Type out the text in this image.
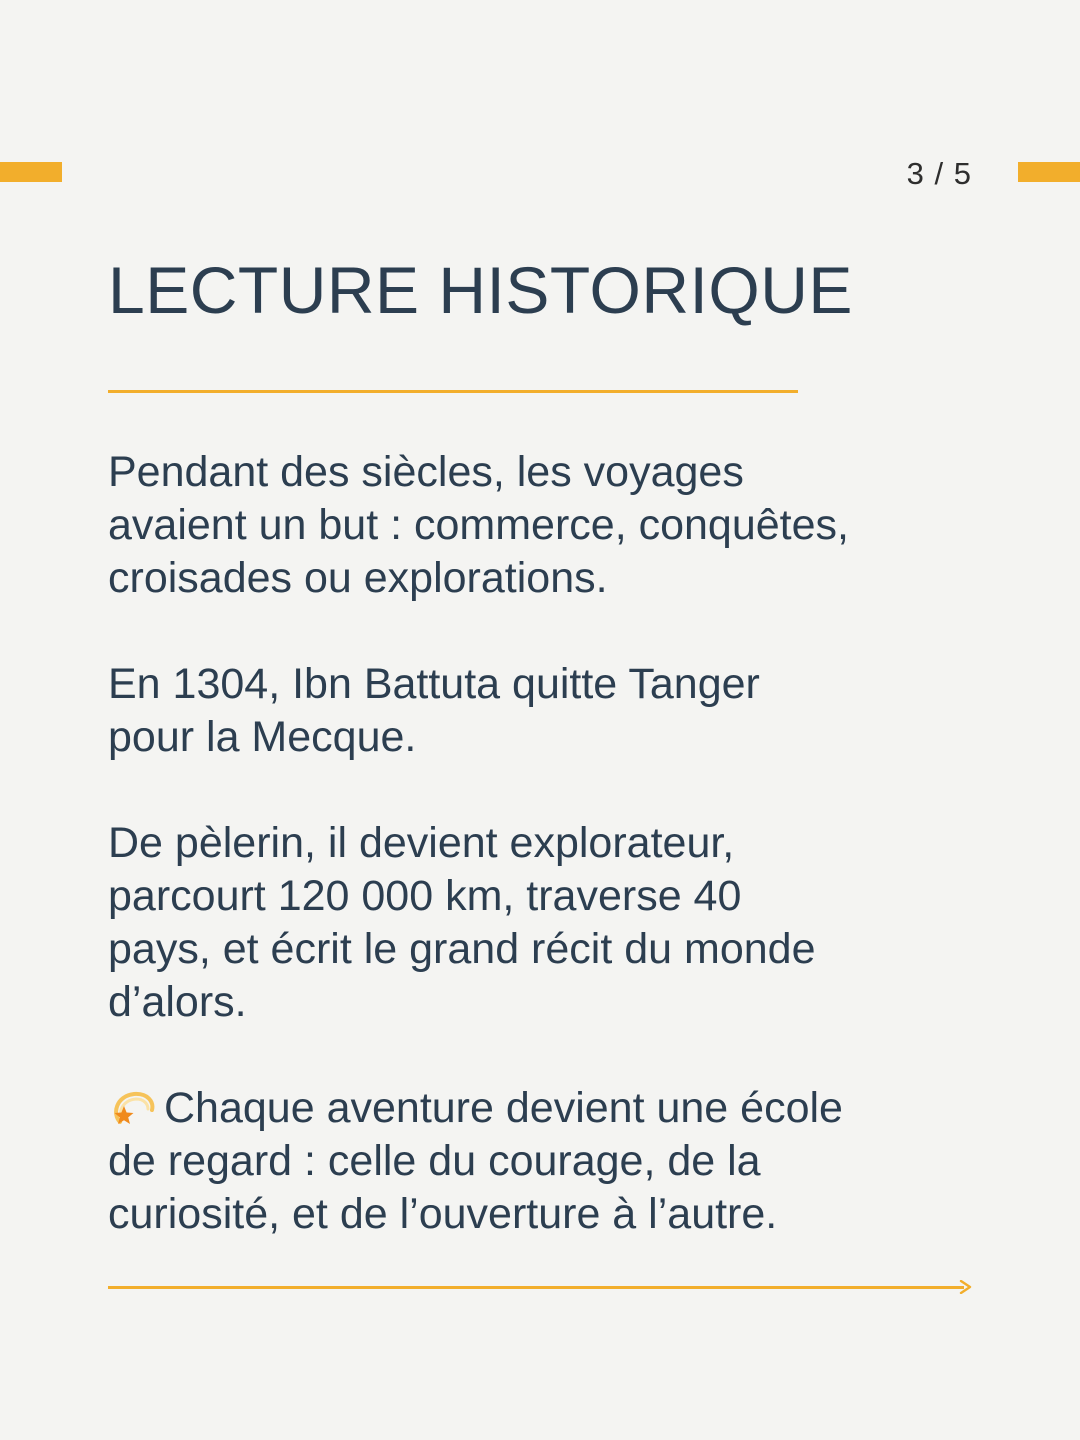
3 / 5
LECTURE HISTORIQUE

Pendant des siècles, les voyages
avaient un but : commerce, conquêtes,
croisades ou explorations.

En 1304, Ibn Battuta quitte Tanger
pour la Mecque.

De pèlerin, il devient explorateur,
parcourt 120 000 km, traverse 40
pays, et écrit le grand récit du monde
d’alors.

Chaque aventure devient une école
de regard : celle du courage, de la
curiosité, et de l’ouverture à l’autre.
